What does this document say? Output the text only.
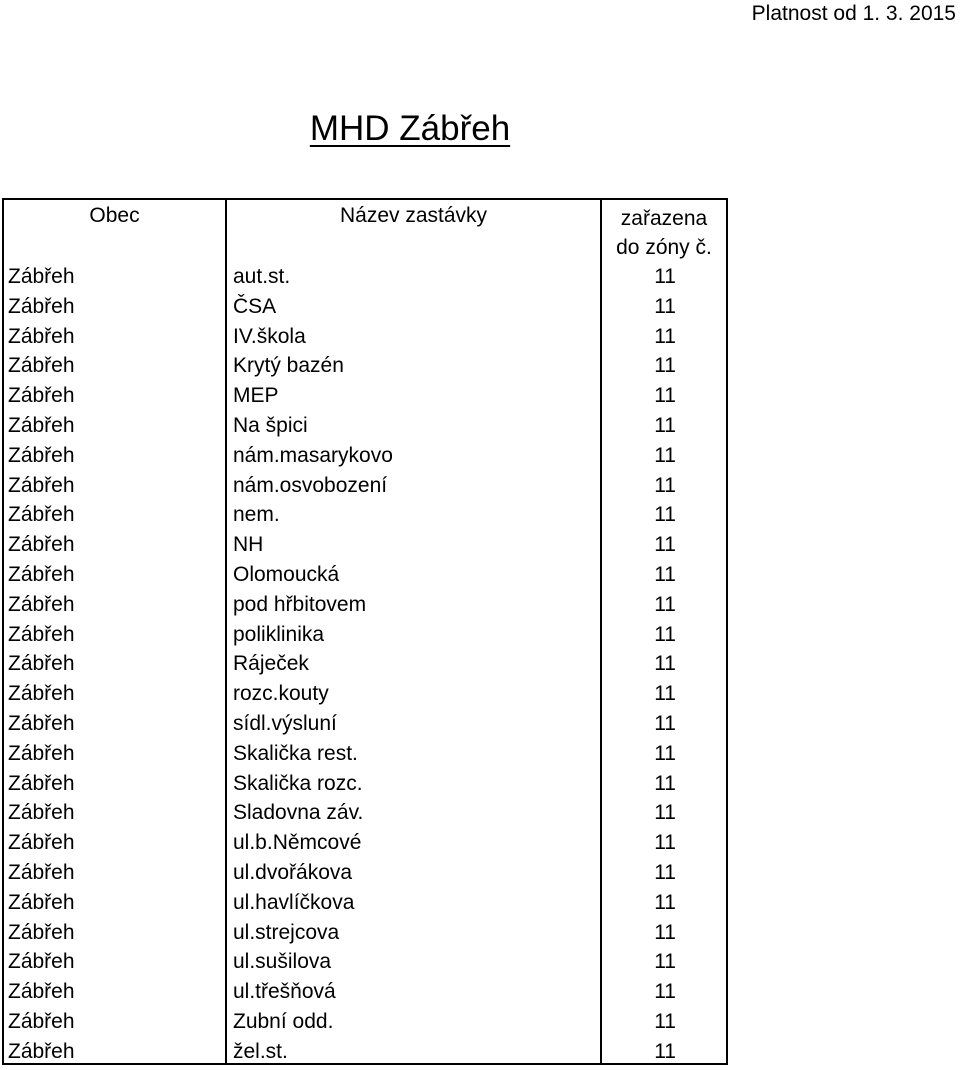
Platnost od 1. 3. 2015
MHD Zábřeh
Obec	Název zastávky	zařazena
do zóny č.
Zábřeh	aut.st.	11
Zábřeh	ČSA	11
Zábřeh	IV.škola	11
Zábřeh	Krytý bazén	11
Zábřeh	MEP	11
Zábřeh	Na špici	11
Zábřeh	nám.masarykovo	11
Zábřeh	nám.osvobození	11
Zábřeh	nem.	11
Zábřeh	NH	11
Zábřeh	Olomoucká	11
Zábřeh	pod hřbitovem	11
Zábřeh	poliklinika	11
Zábřeh	Ráječek	11
Zábřeh	rozc.kouty	11
Zábřeh	sídl.výsluní	11
Zábřeh	Skalička rest.	11
Zábřeh	Skalička rozc.	11
Zábřeh	Sladovna záv.	11
Zábřeh	ul.b.Němcové	11
Zábřeh	ul.dvořákova	11
Zábřeh	ul.havlíčkova	11
Zábřeh	ul.strejcova	11
Zábřeh	ul.sušilova	11
Zábřeh	ul.třešňová	11
Zábřeh	Zubní odd.	11
Zábřeh	žel.st.	11
